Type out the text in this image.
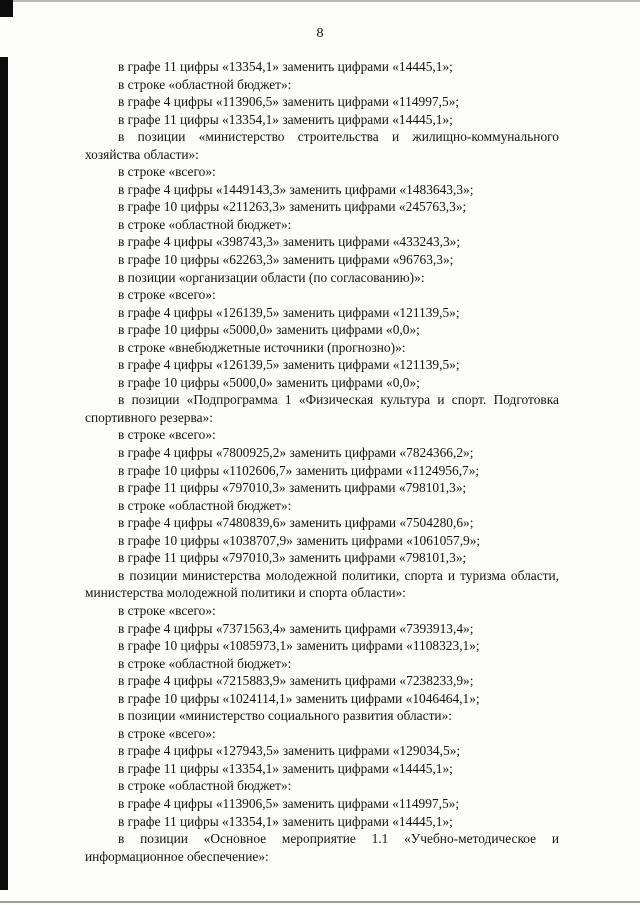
8

в графе 11 цифры «13354,1» заменить цифрами «14445,1»;

в строке «областной бюджет»:

в графе 4 цифры «113906,5» заменить цифрами «114997,5»;

в графе 11 цифры «13354,1» заменить цифрами «14445,1»;

в позиции «министерство строительства и жилищно-коммунального хозяйства области»:

в строке «всего»:

в графе 4 цифры «1449143,3» заменить цифрами «1483643,3»;

в графе 10 цифры «211263,3» заменить цифрами «245763,3»;

в строке «областной бюджет»:

в графе 4 цифры «398743,3» заменить цифрами «433243,3»;

в графе 10 цифры «62263,3» заменить цифрами «96763,3»;

в позиции «организации области (по согласованию)»:

в строке «всего»:

в графе 4 цифры «126139,5» заменить цифрами «121139,5»;

в графе 10 цифры «5000,0» заменить цифрами «0,0»;

в строке «внебюджетные источники (прогнозно)»:

в графе 4 цифры «126139,5» заменить цифрами «121139,5»;

в графе 10 цифры «5000,0» заменить цифрами «0,0»;

в позиции «Подпрограмма 1 «Физическая культура и спорт. Подготовка спортивного резерва»:

в строке «всего»:

в графе 4 цифры «7800925,2» заменить цифрами «7824366,2»;

в графе 10 цифры «1102606,7» заменить цифрами «1124956,7»;

в графе 11 цифры «797010,3» заменить цифрами «798101,3»;

в строке «областной бюджет»:

в графе 4 цифры «7480839,6» заменить цифрами «7504280,6»;

в графе 10 цифры «1038707,9» заменить цифрами «1061057,9»;

в графе 11 цифры «797010,3» заменить цифрами «798101,3»;

в позиции министерства молодежной политики, спорта и туризма области, министерства молодежной политики и спорта области»:

в строке «всего»:

в графе 4 цифры «7371563,4» заменить цифрами «7393913,4»;

в графе 10 цифры «1085973,1» заменить цифрами «1108323,1»;

в строке «областной бюджет»:

в графе 4 цифры «7215883,9» заменить цифрами «7238233,9»;

в графе 10 цифры «1024114,1» заменить цифрами «1046464,1»;

в позиции «министерство социального развития области»:

в строке «всего»:

в графе 4 цифры «127943,5» заменить цифрами «129034,5»;

в графе 11 цифры «13354,1» заменить цифрами «14445,1»;

в строке «областной бюджет»:

в графе 4 цифры «113906,5» заменить цифрами «114997,5»;

в графе 11 цифры «13354,1» заменить цифрами «14445,1»;

в позиции «Основное мероприятие 1.1 «Учебно-методическое и информационное обеспечение»:
